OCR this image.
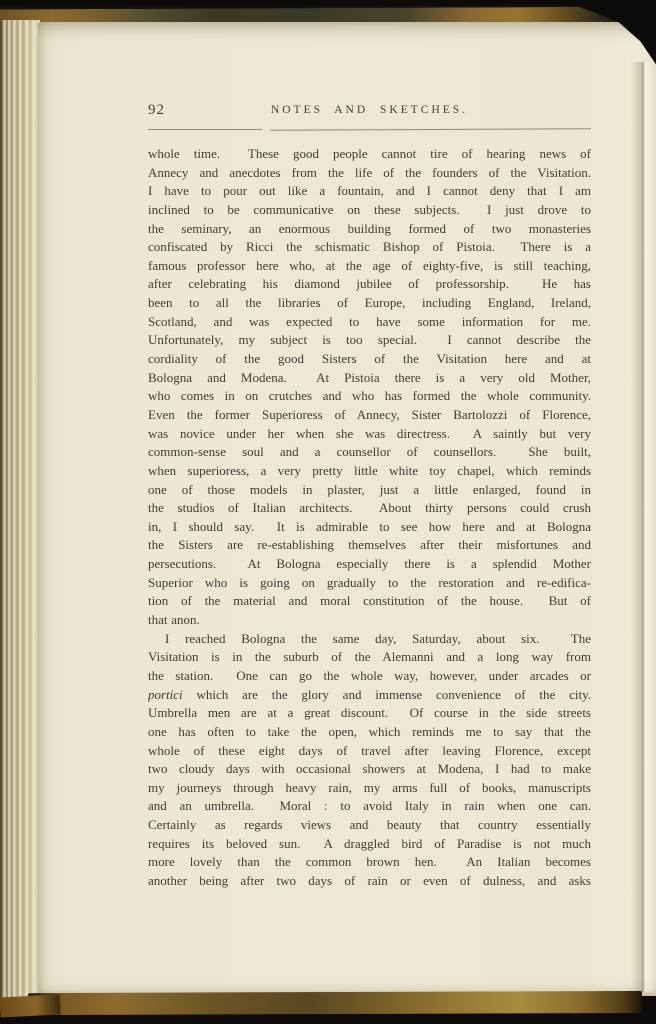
92	NOTES AND SKETCHES.
whole time.  These good people cannot tire of hearing news of
Annecy and anecdotes from the life of the founders of the Visitation.
I have to pour out like a fountain, and I cannot deny that I am
inclined to be communicative on these subjects.  I just drove to
the seminary, an enormous building formed of two monasteries
confiscated by Ricci the schismatic Bishop of Pistoia.  There is a
famous professor here who, at the age of eighty-five, is still teaching,
after celebrating his diamond jubilee of professorship.  He has
been to all the libraries of Europe, including England, Ireland,
Scotland, and was expected to have some information for me.
Unfortunately, my subject is too special.  I cannot describe the
cordiality of the good Sisters of the Visitation here and at
Bologna and Modena.  At Pistoia there is a very old Mother,
who comes in on crutches and who has formed the whole community.
Even the former Superioress of Annecy, Sister Bartolozzi of Florence,
was novice under her when she was directress.  A saintly but very
common-sense soul and a counsellor of counsellors.  She built,
when superioress, a very pretty little white toy chapel, which reminds
one of those models in plaster, just a little enlarged, found in
the studios of Italian architects.  About thirty persons could crush
in, I should say.  It is admirable to see how here and at Bologna
the Sisters are re-establishing themselves after their misfortunes and
persecutions.  At Bologna especially there is a splendid Mother
Superior who is going on gradually to the restoration and re-edifica-
tion of the material and moral constitution of the house.  But of
that anon.
I reached Bologna the same day, Saturday, about six.  The
Visitation is in the suburb of the Alemanni and a long way from
the station.  One can go the whole way, however, under arcades or
portici which are the glory and immense convenience of the city.
Umbrella men are at a great discount.  Of course in the side streets
one has often to take the open, which reminds me to say that the
whole of these eight days of travel after leaving Florence, except
two cloudy days with occasional showers at Modena, I had to make
my journeys through heavy rain, my arms full of books, manuscripts
and an umbrella.  Moral : to avoid Italy in rain when one can.
Certainly as regards views and beauty that country essentially
requires its beloved sun.  A draggled bird of Paradise is not much
more lovely than the common brown hen.  An Italian becomes
another being after two days of rain or even of dulness, and asks
